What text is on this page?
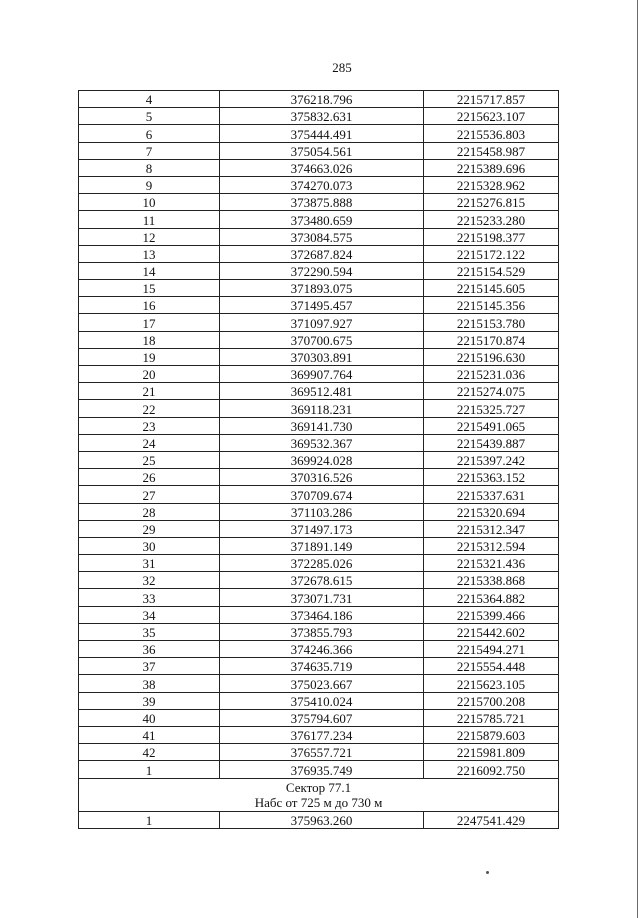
285
4	376218.796	2215717.857
5	375832.631	2215623.107
6	375444.491	2215536.803
7	375054.561	2215458.987
8	374663.026	2215389.696
9	374270.073	2215328.962
10	373875.888	2215276.815
11	373480.659	2215233.280
12	373084.575	2215198.377
13	372687.824	2215172.122
14	372290.594	2215154.529
15	371893.075	2215145.605
16	371495.457	2215145.356
17	371097.927	2215153.780
18	370700.675	2215170.874
19	370303.891	2215196.630
20	369907.764	2215231.036
21	369512.481	2215274.075
22	369118.231	2215325.727
23	369141.730	2215491.065
24	369532.367	2215439.887
25	369924.028	2215397.242
26	370316.526	2215363.152
27	370709.674	2215337.631
28	371103.286	2215320.694
29	371497.173	2215312.347
30	371891.149	2215312.594
31	372285.026	2215321.436
32	372678.615	2215338.868
33	373071.731	2215364.882
34	373464.186	2215399.466
35	373855.793	2215442.602
36	374246.366	2215494.271
37	374635.719	2215554.448
38	375023.667	2215623.105
39	375410.024	2215700.208
40	375794.607	2215785.721
41	376177.234	2215879.603
42	376557.721	2215981.809
1	376935.749	2216092.750

Сектор 77.1
Набс от 725 м до 730 м		

1	375963.260	2247541.429
